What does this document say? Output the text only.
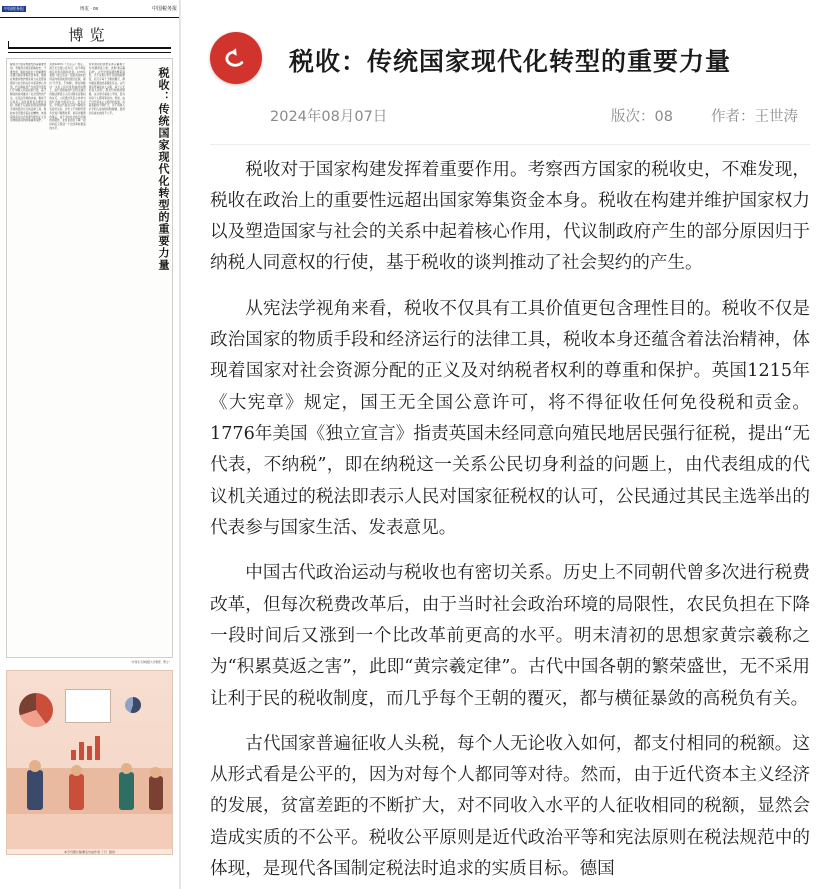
中国税务报	博览 · 08	中国税务报
博览
税收：传统国家现代化转型的重要力量
税收对于国家构建发挥着重要作用。考察西方国家的税收史，不难发现，税收在政治上的重要性远超出国家筹集资金本身。税收在构建并维护国家权力以及塑造国家与社会的关系中起着核心作用，代议制政府产生的部分原因归于纳税人同意权的行使，基于税收的谈判推动了社会契约的产生。从宪法学视角来看，税收不仅具有工具价值更包含理性目的。税收不仅是政治国家的物质手段和经济运行的法律工具，税收本身还蕴含着法治精神，体现着国家对社会资源分配的正义及对纳税者权利的尊重和保护。
英国1215年《大宪章》规定，国王无全国公意许可，将不得征收任何免役税和贡金。1776年美国《独立宣言》指责英国未经同意向殖民地居民强行征税，提出“无代表，不纳税”，即在纳税这一关系公民切身利益的问题上，由代表组成的代议机关通过的税法即表示人民对国家征税权的认可，公民通过其民主选举出的代表参与国家生活、发表意见。中国古代政治运动与税收也有密切关系。历史上不同朝代曾多次进行税费改革，但每次税费改革后，由于当时社会政治环境的局限性，农民负担在下降一段时间后又涨到一个比改革前更高的水平。
明末清初的思想家黄宗羲称之为“积累莫返之害”，此即“黄宗羲定律”。古代中国各朝的繁荣盛世，无不采用让利于民的税收制度，而几乎每个王朝的覆灭，都与横征暴敛的高税负有关。古代国家普遍征收人头税，每个人无论收入如何，都支付相同的税额。这从形式看是公平的，因为对每个人都同等对待。然而，由于近代资本主义经济的发展，贫富差距的不断扩大，对不同收入水平的人征收相同的税额，显然会造成实质的不公平。
（作者系天津财经大学教授、博士）
本专刊图片除署名外由作者（下）提供
税收：传统国家现代化转型的重要力量
2024年08月07日	版次：08	作者：王世涛

税收对于国家构建发挥着重要作用。考察西方国家的税收史，不难发现，税收在政治上的重要性远超出国家筹集资金本身。税收在构建并维护国家权力以及塑造国家与社会的关系中起着核心作用，代议制政府产生的部分原因归于纳税人同意权的行使，基于税收的谈判推动了社会契约的产生。

从宪法学视角来看，税收不仅具有工具价值更包含理性目的。税收不仅是政治国家的物质手段和经济运行的法律工具，税收本身还蕴含着法治精神，体现着国家对社会资源分配的正义及对纳税者权利的尊重和保护。英国1215年《大宪章》规定，国王无全国公意许可，将不得征收任何免役税和贡金。1776年美国《独立宣言》指责英国未经同意向殖民地居民强行征税，提出“无代表，不纳税”，即在纳税这一关系公民切身利益的问题上，由代表组成的代议机关通过的税法即表示人民对国家征税权的认可，公民通过其民主选举出的代表参与国家生活、发表意见。

中国古代政治运动与税收也有密切关系。历史上不同朝代曾多次进行税费改革，但每次税费改革后，由于当时社会政治环境的局限性，农民负担在下降一段时间后又涨到一个比改革前更高的水平。明末清初的思想家黄宗羲称之为“积累莫返之害”，此即“黄宗羲定律”。古代中国各朝的繁荣盛世，无不采用让利于民的税收制度，而几乎每个王朝的覆灭，都与横征暴敛的高税负有关。

古代国家普遍征收人头税，每个人无论收入如何，都支付相同的税额。这从形式看是公平的，因为对每个人都同等对待。然而，由于近代资本主义经济的发展，贫富差距的不断扩大，对不同收入水平的人征收相同的税额，显然会造成实质的不公平。税收公平原则是近代政治平等和宪法原则在税法规范中的体现，是现代各国制定税法时追求的实质目标。德国
